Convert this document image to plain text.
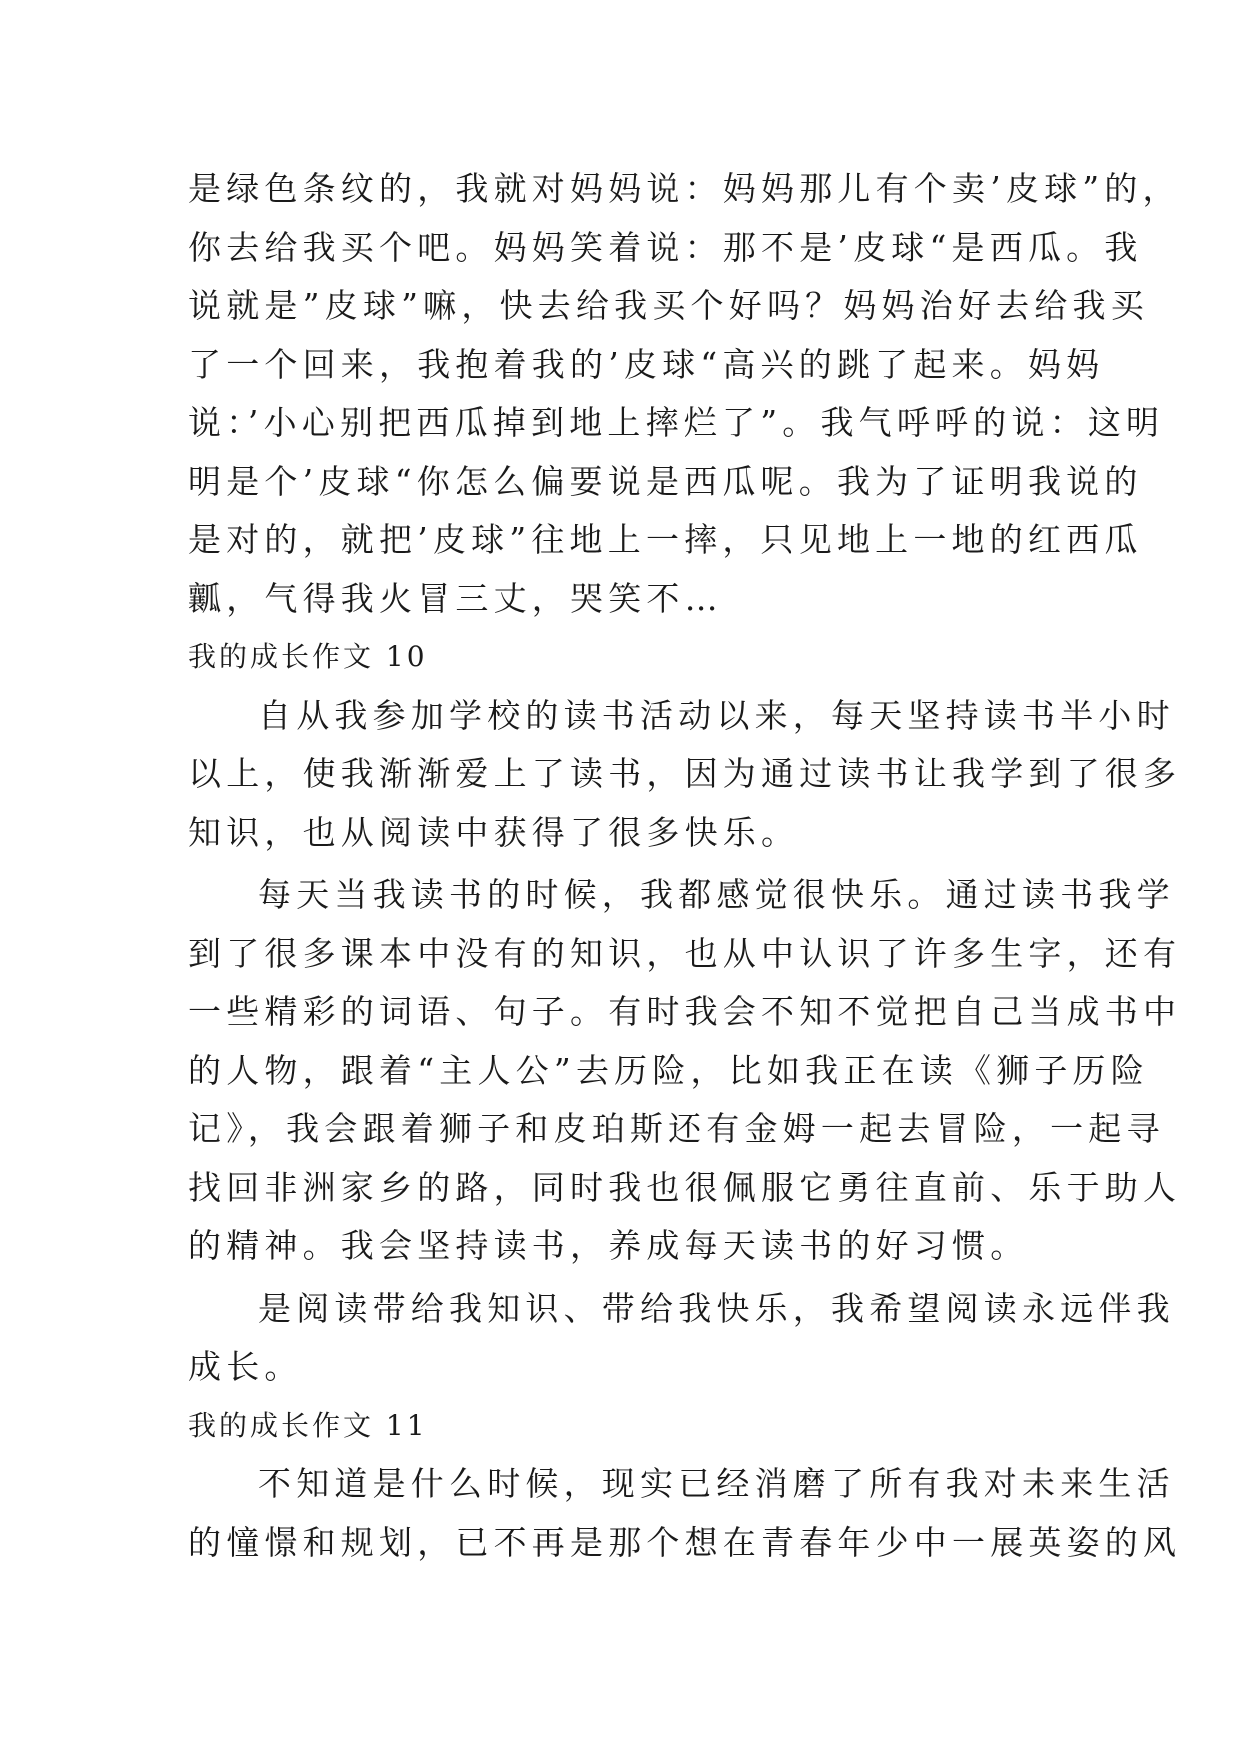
是绿色条纹的，我就对妈妈说：妈妈那儿有个卖’皮球”的，
你去给我买个吧。妈妈笑着说：那不是’皮球“是西瓜。我
说就是”皮球”嘛，快去给我买个好吗？妈妈治好去给我买
了一个回来，我抱着我的’皮球“高兴的跳了起来。妈妈
说：’小心别把西瓜掉到地上摔烂了”。我气呼呼的说：这明
明是个’皮球“你怎么偏要说是西瓜呢。我为了证明我说的
是对的，就把’皮球”往地上一摔，只见地上一地的红西瓜
瓤，气得我火冒三丈，哭笑不…
我的成长作文 10
自从我参加学校的读书活动以来，每天坚持读书半小时
以上，使我渐渐爱上了读书，因为通过读书让我学到了很多
知识，也从阅读中获得了很多快乐。
每天当我读书的时候，我都感觉很快乐。通过读书我学
到了很多课本中没有的知识，也从中认识了许多生字，还有
一些精彩的词语、句子。有时我会不知不觉把自己当成书中
的人物，跟着“主人公”去历险，比如我正在读《狮子历险
记》，我会跟着狮子和皮珀斯还有金姆一起去冒险，一起寻
找回非洲家乡的路，同时我也很佩服它勇往直前、乐于助人
的精神。我会坚持读书，养成每天读书的好习惯。
是阅读带给我知识、带给我快乐，我希望阅读永远伴我
成长。
我的成长作文 11
不知道是什么时候，现实已经消磨了所有我对未来生活
的憧憬和规划，已不再是那个想在青春年少中一展英姿的风
